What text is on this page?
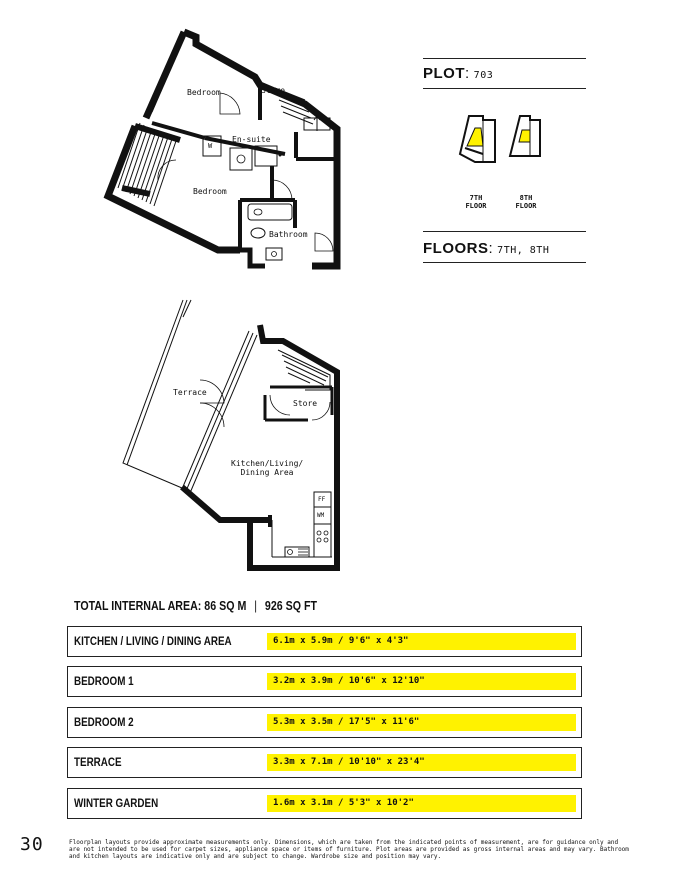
Bedroom	Store
En-suite
Bedroom
Bathroom
W
PLOT: 703
7TH
FLOOR
8TH
FLOOR
FLOORS: 7TH, 8TH
Terrace
Store
Kitchen/Living/
Dining Area
FF
WM
TOTAL INTERNAL AREA: 86 SQ M | 926 SQ FT
KITCHEN / LIVING / DINING AREA	6.1m x 5.9m / 9'6" x 4'3"
BEDROOM 1	3.2m x 3.9m / 10'6" x 12'10"
BEDROOM 2	5.3m x 3.5m / 17'5" x 11'6"
TERRACE	3.3m x 7.1m / 10'10" x 23'4"
WINTER GARDEN	1.6m x 3.1m / 5'3" x 10'2"
30	Floorplan layouts provide approximate measurements only. Dimensions, which are taken from the indicated points of measurement, are for guidance only and are not intended to be used for carpet sizes, appliance space or items of furniture. Plot areas are provided as gross internal areas and may vary. Bathroom and kitchen layouts are indicative only and are subject to change. Wardrobe size and position may vary.
